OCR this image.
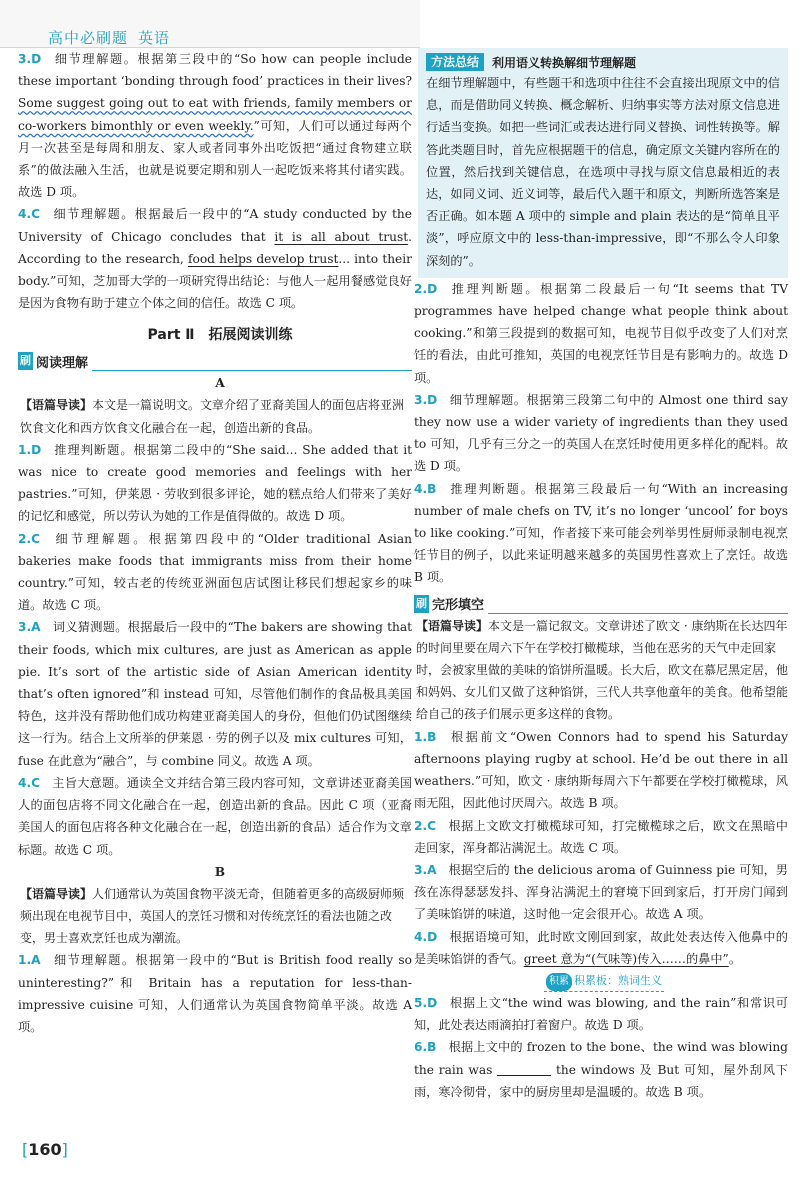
高中必刷题 英语

3.D 细节理解题。根据第三段中的“So how can people include these important ‘bonding through food’ practices in their lives?Some suggest going out to eat with friends, family members or co-workers bimonthly or even weekly.”可知，人们可以通过每两个月一次甚至是每周和朋友、家人或者同事外出吃饭把“通过食物建立联系”的做法融入生活，也就是说要定期和别人一起吃饭来将其付诸实践。故选 D 项。

4.C 细节理解题。根据最后一段中的“A study conducted by the University of Chicago concludes that it is all about trust. According to the research, food helps develop trust... into their body.”可知，芝加哥大学的一项研究得出结论：与他人一起用餐感觉良好是因为食物有助于建立个体之间的信任。故选 C 项。

Part Ⅱ　拓展阅读训练
刷 阅读理解
A

【语篇导读】本文是一篇说明文。文章介绍了亚裔美国人的面包店将亚洲饮食文化和西方饮食文化融合在一起，创造出新的食品。

1.D 推理判断题。根据第二段中的“She said... She added that it was nice to create good memories and feelings with her pastries.”可知，伊莱恩 · 劳收到很多评论，她的糕点给人们带来了美好的记忆和感觉，所以劳认为她的工作是值得做的。故选 D 项。

2.C 细节理解题。根据第四段中的“Older traditional Asian bakeries make foods that immigrants miss from their home country.”可知，较古老的传统亚洲面包店试图让移民们想起家乡的味道。故选 C 项。

3.A 词义猜测题。根据最后一段中的“The bakers are showing that their foods, which mix cultures, are just as American as apple pie. It’s sort of the artistic side of Asian American identity that’s often ignored”和 instead 可知，尽管他们制作的食品极具美国特色，这并没有帮助他们成功构建亚裔美国人的身份，但他们仍试图继续这一行为。结合上文所举的伊莱恩 · 劳的例子以及 mix cultures 可知，fuse 在此意为“融合”，与 combine 同义。故选 A 项。

4.C 主旨大意题。通读全文并结合第三段内容可知，文章讲述亚裔美国人的面包店将不同文化融合在一起，创造出新的食品。因此 C 项（亚裔美国人的面包店将各种文化融合在一起，创造出新的食品）适合作为文章标题。故选 C 项。

B

【语篇导读】人们通常认为英国食物平淡无奇，但随着更多的高级厨师频频出现在电视节目中，英国人的烹饪习惯和对传统烹饪的看法也随之改变，男士喜欢烹饪也成为潮流。

1.A 细节理解题。根据第一段中的“But is British food really so uninteresting?”和 Britain has a reputation for less-than-impressive cuisine 可知，人们通常认为英国食物简单平淡。故选 A 项。

方法总结	利用语义转换解细节理解题

在细节理解题中，有些题干和选项中往往不会直接出现原文中的信息，而是借助同义转换、概念解析、归纳事实等方法对原文信息进行适当变换。如把一些词汇或表达进行同义替换、词性转换等。解答此类题目时，首先应根据题干的信息，确定原文关键内容所在的位置，然后找到关键信息，在选项中寻找与原文信息最相近的表达，如同义词、近义词等，最后代入题干和原文，判断所选答案是否正确。如本题 A 项中的 simple and plain 表达的是“简单且平淡”，呼应原文中的 less-than-impressive，即“不那么令人印象深刻的”。

2.D 推理判断题。根据第二段最后一句“It seems that TV programmes have helped change what people think about cooking.”和第三段提到的数据可知，电视节目似乎改变了人们对烹饪的看法，由此可推知，英国的电视烹饪节目是有影响力的。故选 D 项。

3.D 细节理解题。根据第三段第二句中的 Almost one third say they now use a wider variety of ingredients than they used to 可知，几乎有三分之一的英国人在烹饪时使用更多样化的配料。故选 D 项。

4.B 推理判断题。根据第三段最后一句“With an increasing number of male chefs on TV, it’s no longer ‘uncool’ for boys to like cooking.”可知，作者接下来可能会列举男性厨师录制电视烹饪节目的例子，以此来证明越来越多的英国男性喜欢上了烹饪。故选 B 项。

刷 完形填空

【语篇导读】本文是一篇记叙文。文章讲述了欧文 · 康纳斯在长达四年的时间里要在周六下午在学校打橄榄球，当他在恶劣的天气中走回家时，会被家里做的美味的馅饼所温暖。长大后，欧文在慕尼黑定居，他和妈妈、女儿们又做了这种馅饼，三代人共享他童年的美食。他希望能给自己的孩子们展示更多这样的食物。

1.B 根据前文“Owen Connors had to spend his Saturday afternoons playing rugby at school. He’d be out there in all weathers.”可知，欧文 · 康纳斯每周六下午都要在学校打橄榄球，风雨无阻，因此他讨厌周六。故选 B 项。

2.C 根据上文欧文打橄榄球可知，打完橄榄球之后，欧文在黑暗中走回家，浑身都沾满泥土。故选 C 项。

3.A 根据空后的 the delicious aroma of Guinness pie 可知，男孩在冻得瑟瑟发抖、浑身沾满泥土的窘境下回到家后，打开房门闻到了美味馅饼的味道，这时他一定会很开心。故选 A 项。

4.D 根据语境可知，此时欧文刚回到家，故此处表达传入他鼻中的是美味馅饼的香气。greet 意为“(气味等)传入……的鼻中”。

积累 积累板：熟词生义

5.D 根据上文“the wind was blowing, and the rain”和常识可知，此处表达雨滴拍打着窗户。故选 D 项。

6.B 根据上文中的 frozen to the bone、the wind was blowing the rain was	the windows 及 But 可知，屋外刮风下雨，寒冷彻骨，家中的厨房里却是温暖的。故选 B 项。

[160]
